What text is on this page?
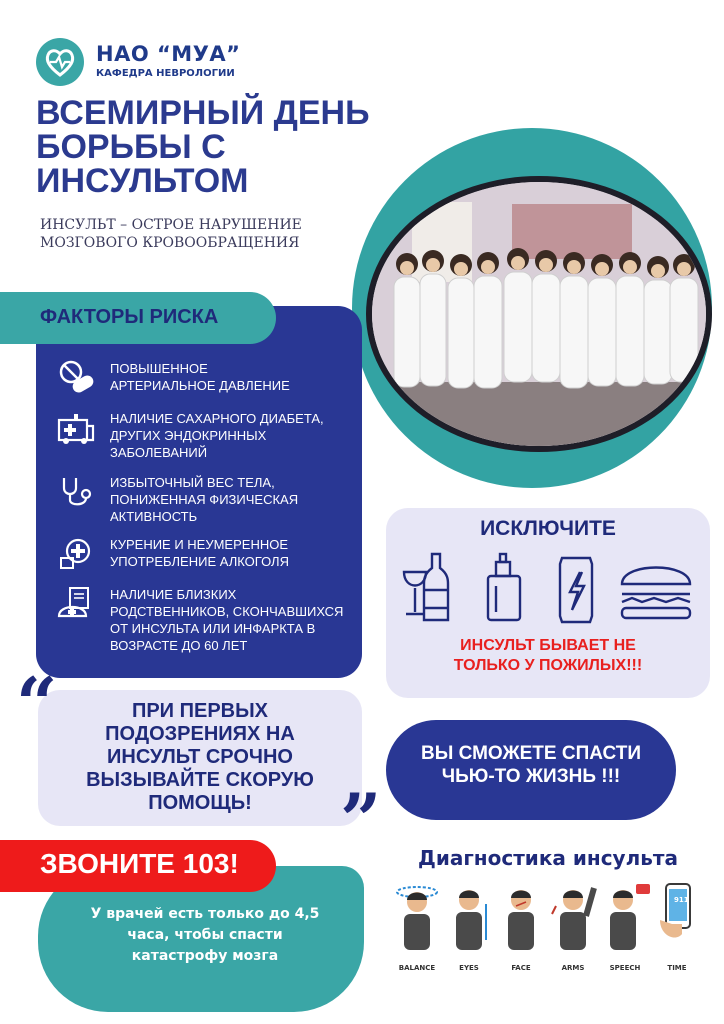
НАО “МУА”
КАФЕДРА НЕВРОЛОГИИ
ВСЕМИРНЫЙ ДЕНЬ
БОРЬБЫ С
ИНСУЛЬТОМ
ИНСУЛЬТ – ОСТРОЕ НАРУШЕНИЕ
МОЗГОВОГО КРОВООБРАЩЕНИЯ
ФАКТОРЫ РИСКА
ПОВЫШЕННОЕ
АРТЕРИАЛЬНОЕ ДАВЛЕНИЕ
НАЛИЧИЕ САХАРНОГО ДИАБЕТА,
ДРУГИХ ЭНДОКРИННЫХ
ЗАБОЛЕВАНИЙ
ИЗБЫТОЧНЫЙ ВЕС ТЕЛА,
ПОНИЖЕННАЯ ФИЗИЧЕСКАЯ
АКТИВНОСТЬ
КУРЕНИЕ И НЕУМЕРЕННОЕ
УПОТРЕБЛЕНИЕ АЛКОГОЛЯ
НАЛИЧИЕ БЛИЗКИХ
РОДСТВЕННИКОВ, СКОНЧАВШИХСЯ
ОТ ИНСУЛЬТА ИЛИ ИНФАРКТА В
ВОЗРАСТЕ ДО 60 ЛЕТ
ИСКЛЮЧИТЕ
ИНСУЛЬТ БЫВАЕТ НЕ
ТОЛЬКО У ПОЖИЛЫХ!!!
“	ПРИ ПЕРВЫХ
ПОДОЗРЕНИЯХ НА
ИНСУЛЬТ СРОЧНО
ВЫЗЫВАЙТЕ СКОРУЮ
ПОМОЩЬ!	”
ВЫ СМОЖЕТЕ СПАСТИ
ЧЬЮ-ТО ЖИЗНЬ !!!
ЗВОНИТЕ 103!
У врачей есть только до 4,5
часа, чтобы спасти
катастрофу мозга
Диагностика инсульта
BALANCE	EYES	FACE	ARMS	SPEECH
911
TIME
